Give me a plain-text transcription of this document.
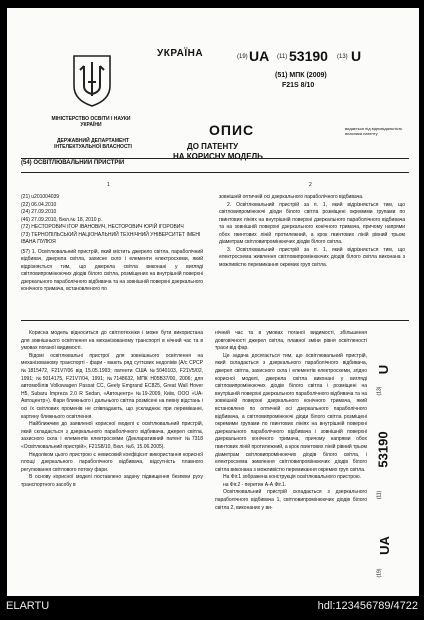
УКРАЇНА	(19) UA (11) 53190 (13) U
(51) МПК (2009)
F21S 8/10
МІНІСТЕРСТВО ОСВІТИ І НАУКИ УКРАЇНИ
ДЕРЖАВНИЙ ДЕПАРТАМЕНТ ІНТЕЛЕКТУАЛЬНОЇ ВЛАСНОСТІ
ОПИС
ДО ПАТЕНТУ
НА КОРИСНУ МОДЕЛЬ
видається під відповідальність власника патенту
(54) ОСВІТЛЮВАЛЬНИЙ ПРИСТРІЙ
1	2
(21) u201004039
(22) 06.04.2010
(24) 27.09.2010
(46) 27.09.2010, Бюл.№ 18, 2010 р.
(72) НЕСТОРОВИЧ ІГОР ІВАНОВИЧ, НЕСТОРОВИЧ ЮРІЙ ІГОРОВИЧ
(73) ТЕРНОПІЛЬСЬКИЙ НАЦІОНАЛЬНИЙ ТЕХНІЧНИЙ УНІВЕРСИТЕТ ІМЕНІ ІВАНА ПУЛЮЯ
(57) 1. Освітлювальний пристрій, який містить джерело світла, параболічний відбивач, джерела світла, захисне скло і елементи електросхеми, який відрізняється тим, що джерела світла виконані у вигляді світловипромінюючих діодів білого світла, розміщених на внутрішній поверхні дзеркального параболічного відбивача та на зовнішній поверхні дзеркального конічного тримача, встановленого по
зовнішній оптичній осі дзеркального параболічного відбивача.
2. Освітлювальний пристрій за п. 1, який відрізняється тим, що світловипромінюючі діоди білого світла розміщені окремими групами по гвинтових лініях на внутрішній поверхні дзеркального параболічного відбивача та на зовнішній поверхні дзеркального конічного тримача, причому напрями обох гвинтових ліній протилежний, а крок гвинтових ліній рівний трьом діаметрам світловипромінюючих діодів білого світла.
3. Освітлювальний пристрій за п. 1, який відрізняється тим, що електросхема живлення світловипромінюючих діодів білого світла виконана з можливістю перемикання окремих груп світла.

Корисна модель відноситься до світлотехніки і може бути використана для зовнішнього освітлення на механізованому транспорті в нічний час та в умовах поганої видимості.

Відомі освітлювальні пристрої для зовнішнього освітлення на механізованому транспорті - фари - мають ряд суттєвих недоліків (А/с СРСР №1815472, F21V7/06 від 15.05.1993; патенти США №5040103, F21V5/02, 1991; №5014175, F21V7/04, 1991; №7148632, МПК H05B37/00, 2006; для автомобілів Volkswagen Passat CC, Geely Emgrand EC825, Great Wall Hover H5, Subaru Impreza 2.0 R Sedan, «Автоцентр» №19-2009, Київ, ООО «UA-Автоцентр»). Фари ближнього і дальнього світла розмісені на певну відстань і осі їх світлових променів не співпадають, що ускладнює при переміканні, картину ближнього освітлення.

Найближчим до заявленої корисної моделі є освітлювальний пристрій, який складається з дзеркального параболічного відбивача, джерел світла, захисного скла і елементів електросхеми (Декларативний патент №7318 «Освітлювальний пристрій», F21S8/10, Бюл. №6, 15.06.2005).

Недоліком цього пристрою є невисокий коефіцієнт використання корисної площі дзеркального параболічного відбивача, відсутність плавного регулювання світлового потоку фари.

В основу корисної моделі поставлено задачу підвищення безпеки руху транспортного засобу в

нічний час та в умовах поганої видимості, збільшення довговічності джерел світла, плавної зміни рівня освітленості траси від фар.

Це задача досягається тим, що освітлювальний пристрій, який складається з дзеркального параболічного відбивача, джерел світла, захисного скла і елементів електросхеми, згідно корисної моделі, джерела світла виконані у вигляді світловипромінюючих діодів білого світла і розміщені на внутрішній поверхні дзеркального параболічного відбивача та на зовнішній поверхні дзеркального конічного тримача, який встановлено по оптичній осі дзеркального параболічного відбивача, а світловипромінюючі діоди білого світла розміщені окремими групами по гвинтових лініях на внутрішній поверхні дзеркального параболічного відбивача і зовнішній поверхні дзеркального конічного тримача, причому напрями обох гвинтових ліній протилежний, а крок гвинтових ліній рівний трьом діаметрам світловипромінюючих діодів білого світла, і електросхема живлення світловипромінюючих діодів білого світла виконана з можливістю перемикання окремих груп світла.

На Фіг.1 зображена конструкція освітлювального пристрою.

на Фіг.2 - перетин А-А Фіг.1.

Освітлювальний пристрій складається з дзеркального параболічного відбивача 1, світловипромінюючих діодів білого світла 2, виконаних у ви-

(19)
UA
(11)
53190
(13)
U
ELARTU	hdl:123456789/4722
